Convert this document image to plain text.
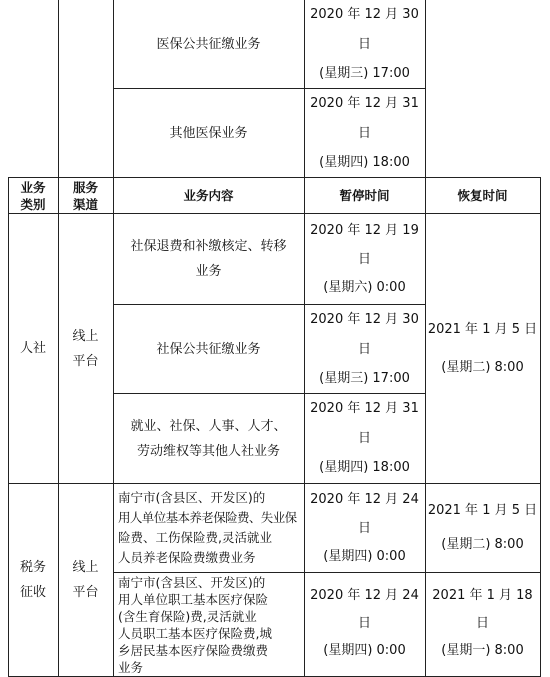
医保公共征缴业务
2020 年 12 月 30
日
(星期三) 17:00
其他医保业务
2020 年 12 月 31
日
(星期四) 18:00
业务
类别
服务
渠道
业务内容	暂停时间	恢复时间
人社
线上
平台
2021 年 1 月 5 日
(星期二) 8:00
社保退费和补缴核定、转移
业务
2020 年 12 月 19
日
(星期六) 0:00
社保公共征缴业务
2020 年 12 月 30
日
(星期三) 17:00
就业、社保、人事、人才、
劳动维权等其他人社业务
2020 年 12 月 31
日
(星期四) 18:00
税务
征收
线上
平台
南宁市(含县区、开发区)的
用人单位基本养老保险费、失业保
险费、工伤保险费,灵活就业
人员养老保险费缴费业务
2020 年 12 月 24
日
(星期四) 0:00
2021 年 1 月 5 日
(星期二) 8:00
南宁市(含县区、开发区)的
用人单位职工基本医疗保险
(含生育保险)费,灵活就业
人员职工基本医疗保险费,城
乡居民基本医疗保险费缴费
业务
2020 年 12 月 24
日
(星期四) 0:00
2021 年 1 月 18
日
(星期一) 8:00
